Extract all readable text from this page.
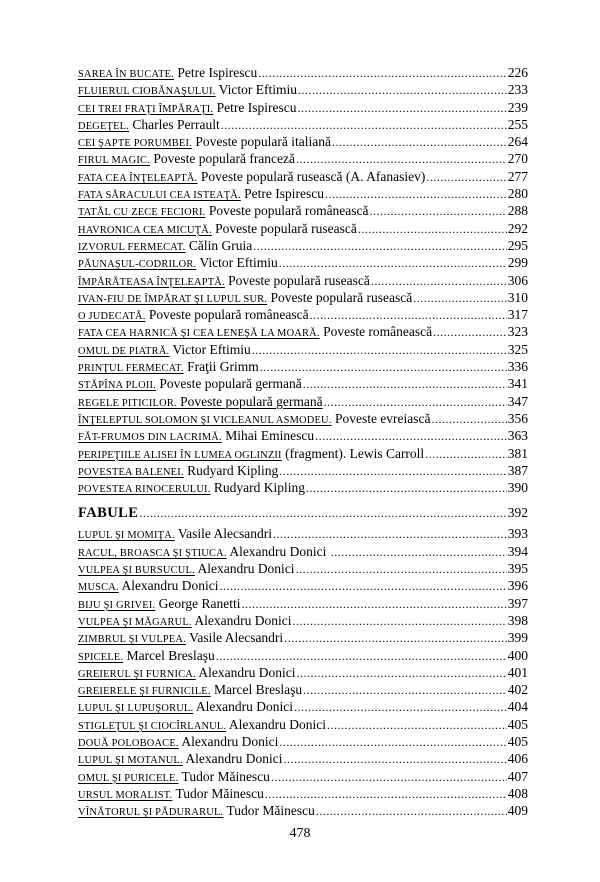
SAREA ÎN BUCATE. Petre Ispirescu .....	226
FLUIERUL CIOBĂNAŞULUI. Victor Eftimiu .....	233
CEI TREI FRAŢI ÎMPĂRAŢI. Petre Ispirescu .....	239
DEGEŢEL. Charles Perrault .....	255
CEI ŞAPTE PORUMBEI. Poveste populară italiană .....	264
FIRUL MAGIC. Poveste populară franceză .....	270
FATA CEA ÎNŢELEAPTĂ. Poveste populară rusească (A. Afanasiev) .....	277
FATA SĂRACULUI CEA ISTEAŢĂ. Petre Ispirescu .....	280
TATĂL CU ZECE FECIORI. Poveste populară românească .....	288
HAVRONICA CEA MICUŢĂ. Poveste populară rusească .....	292
IZVORUL FERMECAT. Călin Gruia .....	295
PĂUNAŞUL-CODRILOR. Victor Eftimiu .....	299
ÎMPĂRĂTEASA ÎNŢELEAPTĂ. Poveste populară rusească .....	306
IVAN-FIU DE ÎMPĂRAT ŞI LUPUL SUR. Poveste populară rusească .....	310
O JUDECATĂ. Poveste populară românească .....	317
FATA CEA HARNICĂ ŞI CEA LENEŞĂ LA MOARĂ. Poveste românească .....	323
OMUL DE PIATRĂ. Victor Eftimiu .....	325
PRINŢUL FERMECAT. Fraţii Grimm .....	336
STĂPÎNA PLOII. Poveste populară germană .....	341
REGELE PITICILOR. Poveste populară germană .....	347
ÎNŢELEPTUL SOLOMON ŞI VICLEANUL ASMODEU. Poveste evreiască .....	356
FĂT-FRUMOS DIN LACRIMĂ. Mihai Eminescu .....	363
PERIPEŢIILE ALISEI ÎN LUMEA OGLINZII (fragment). Lewis Carroll .....	381
POVESTEA BALENEI. Rudyard Kipling .....	387
POVESTEA RINOCERULUI. Rudyard Kipling .....	390
FABULE .....	392
LUPUL ŞI MOMIŢA. Vasile Alecsandri .....	393
RACUL, BROASCA ŞI ŞTIUCA. Alexandru Donici .....	394
VULPEA ŞI BURSUCUL. Alexandru Donici .....	395
MUSCA. Alexandru Donici .....	396
BIJU ŞI GRIVEI. George Ranetti .....	397
VULPEA ŞI MĂGARUL. Alexandru Donici .....	398
ZIMBRUL ŞI VULPEA. Vasile Alecsandri .....	399
SPICELE. Marcel Breslaşu .....	400
GREIERUL ŞI FURNICA. Alexandru Donici .....	401
GREIERELE ŞI FURNICILE. Marcel Breslaşu .....	402
LUPUL ŞI LUPUŞORUL. Alexandru Donici .....	404
STIGLEŢUL ŞI CIOCÎRLANUL. Alexandru Donici .....	405
DOUĂ POLOBOACE. Alexandru Donici .....	405
LUPUL ŞI MOTANUL. Alexandru Donici .....	406
OMUL ŞI PURICELE. Tudor Măinescu .....	407
URSUL MORALIST. Tudor Măinescu .....	408
VÎNĂTORUL ŞI PĂDURARUL. Tudor Măinescu .....	409
478
